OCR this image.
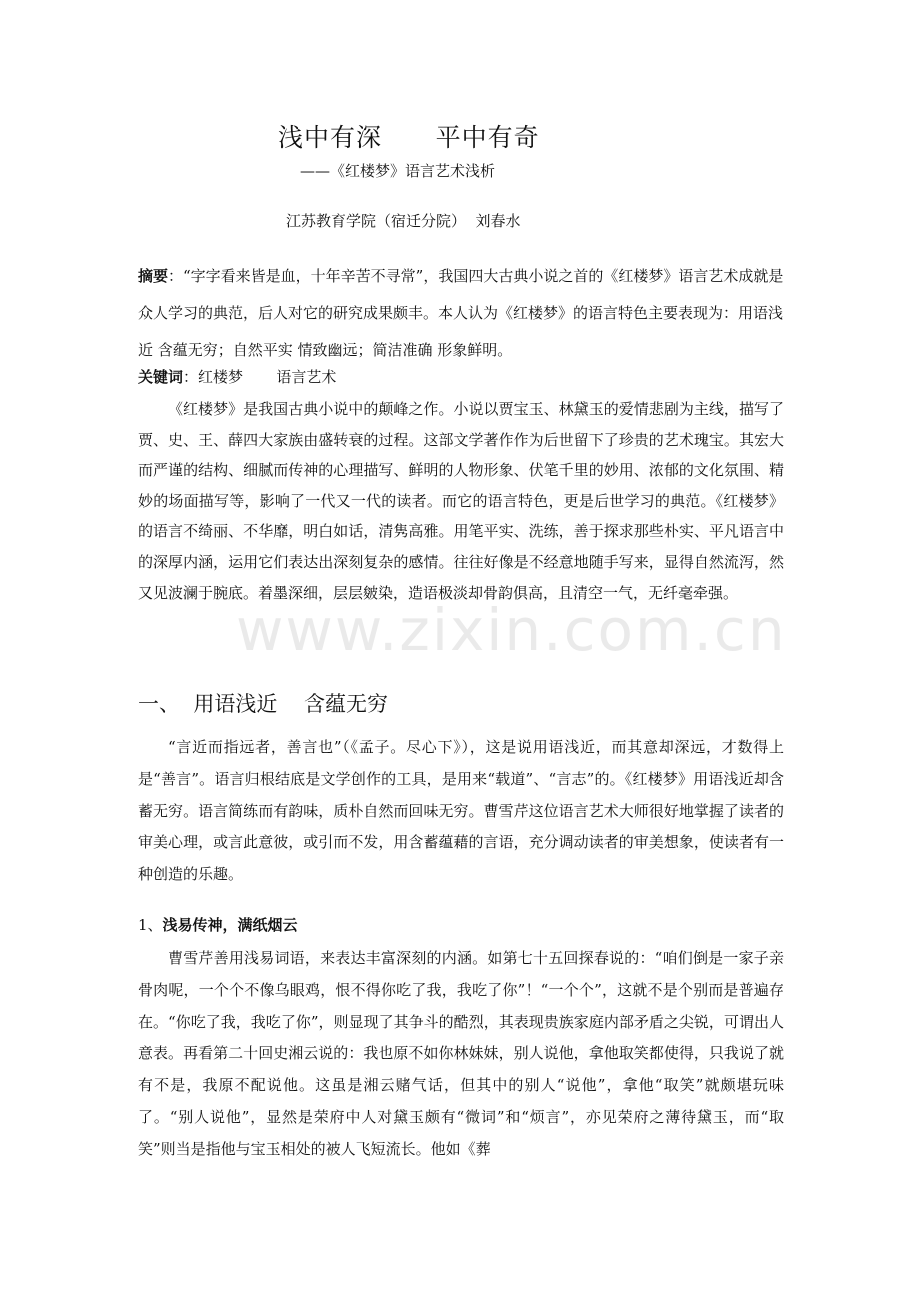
浅中有深      平中有奇
——《红楼梦》语言艺术浅析
江苏教育学院（宿迁分院）  刘春水
摘要：“字字看来皆是血，十年辛苦不寻常”，我国四大古典小说之首的《红楼梦》语言艺术成就是众人学习的典范，后人对它的研究成果颇丰。本人认为《红楼梦》的语言特色主要表现为：用语浅近 含蕴无穷；自然平实 情致幽远；简洁准确 形象鲜明。
关键词：红楼梦       语言艺术
《红楼梦》是我国古典小说中的颠峰之作。小说以贾宝玉、林黛玉的爱情悲剧为主线，描写了贾、史、王、薛四大家族由盛转衰的过程。这部文学著作作为后世留下了珍贵的艺术瑰宝。其宏大而严谨的结构、细腻而传神的心理描写、鲜明的人物形象、伏笔千里的妙用、浓郁的文化氛围、精妙的场面描写等，影响了一代又一代的读者。而它的语言特色，更是后世学习的典范。《红楼梦》的语言不绮丽、不华靡，明白如话，清隽高雅。用笔平实、洗练，善于探求那些朴实、平凡语言中的深厚内涵，运用它们表达出深刻复杂的感情。往往好像是不经意地随手写来，显得自然流泻，然又见波澜于腕底。着墨深细，层层皴染，造语极淡却骨韵俱高，且清空一气，无纤毫牵强。
一、  用语浅近    含蕴无穷
“言近而指远者，善言也”（《孟子。尽心下》），这是说用语浅近，而其意却深远，才数得上是“善言”。语言归根结底是文学创作的工具，是用来“载道”、“言志”的。《红楼梦》用语浅近却含蓄无穷。语言简练而有韵味，质朴自然而回味无穷。曹雪芹这位语言艺术大师很好地掌握了读者的审美心理，或言此意彼，或引而不发，用含蓄蕴藉的言语，充分调动读者的审美想象，使读者有一种创造的乐趣。
1、浅易传神，满纸烟云
曹雪芹善用浅易词语，来表达丰富深刻的内涵。如第七十五回探春说的：“咱们倒是一家子亲骨肉呢，一个个不像乌眼鸡，恨不得你吃了我，我吃了你”！“一个个”，这就不是个别而是普遍存在。“你吃了我，我吃了你”，则显现了其争斗的酷烈，其表现贵族家庭内部矛盾之尖锐，可谓出人意表。再看第二十回史湘云说的：我也原不如你林妹妹，别人说他，拿他取笑都使得，只我说了就有不是，我原不配说他。这虽是湘云赌气话，但其中的别人“说他”，拿他“取笑”就颇堪玩味了。“别人说他”，显然是荣府中人对黛玉颇有“微词”和“烦言”，亦见荣府之薄待黛玉，而“取笑”则当是指他与宝玉相处的被人飞短流长。他如《葬
www.zixin.com.cn
